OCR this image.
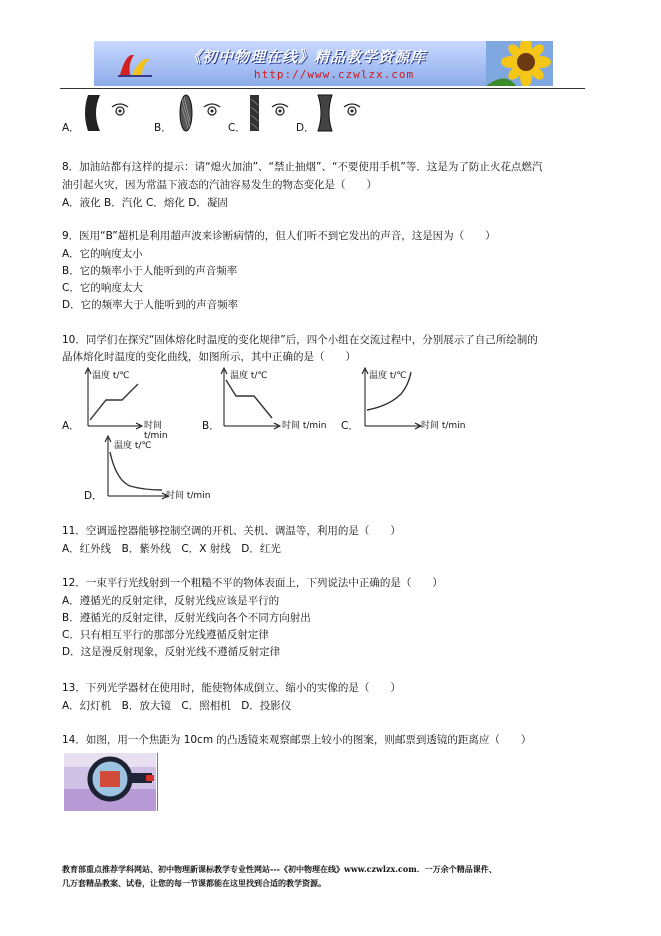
《初中物理在线》精品教学资源库
http://www.czwlzx.com
A．	B．	C．	D．
8．加油站都有这样的提示：请“熄火加油”、“禁止抽烟”、“不要使用手机”等．这是为了防止火花点燃汽
油引起火灾，因为常温下液态的汽油容易发生的物态变化是（　　）
A．液化 B．汽化 C．熔化 D．凝固
9．医用“B”超机是利用超声波来诊断病情的，但人们听不到它发出的声音，这是因为（　　）
A．它的响度太小
B．它的频率小于人能听到的声音频率
C．它的响度太大
D．它的频率大于人能听到的声音频率
10．同学们在探究“固体熔化时温度的变化规律”后，四个小组在交流过程中，分别展示了自己所绘制的
晶体熔化时温度的变化曲线，如图所示，其中正确的是（　　）
A．
温度 t/℃
时间 t/min
B．
温度 t/℃
时间 t/min C．
温度 t/℃
时间 t/min
D．
温度 t/℃
时间 t/min
11．空调遥控器能够控制空调的开机、关机、调温等，利用的是（　　）
A．红外线　B．紫外线　C．X 射线　D．红光
12．一束平行光线射到一个粗糙不平的物体表面上，下列说法中正确的是（　　）
A．遵循光的反射定律，反射光线应该是平行的
B．遵循光的反射定律，反射光线向各个不同方向射出
C．只有相互平行的那部分光线遵循反射定律
D．这是漫反射现象，反射光线不遵循反射定律
13．下列光学器材在使用时，能使物体成倒立、缩小的实像的是（　　）
A．幻灯机　B．放大镜　C．照相机　D．投影仪
14．如图，用一个焦距为 10cm 的凸透镜来观察邮票上较小的图案，则邮票到透镜的距离应（　　）
教育部重点推荐学科网站、初中物理新课标教学专业性网站---《初中物理在线》www.czwlzx.com．一万余个精品课件、
几万套精品教案、试卷，让您的每一节课都能在这里找到合适的教学资源。
